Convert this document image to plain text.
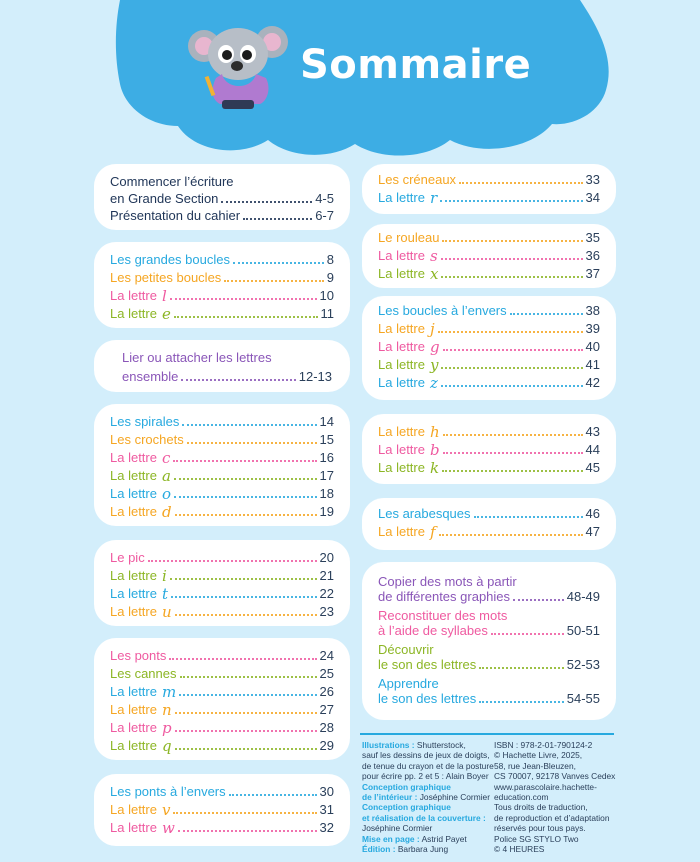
Sommaire
Commencer l’écriture
en Grande Section	4-5
Présentation du cahier	6-7
Les grandes boucles	8
Les petites boucles	9
La lettre l	10
La lettre e	11
Lier ou attacher les lettres
ensemble	12-13
Les spirales	14
Les crochets	15
La lettre c	16
La lettre a	17
La lettre o	18
La lettre d	19
Le pic	20
La lettre i	21
La lettre t	22
La lettre u	23
Les ponts	24
Les cannes	25
La lettre m	26
La lettre n	27
La lettre p	28
La lettre q	29
Les ponts à l’envers	30
La lettre v	31
La lettre w	32
Les créneaux	33
La lettre r	34
Le rouleau	35
La lettre s	36
La lettre x	37
Les boucles à l’envers	38
La lettre j	39
La lettre g	40
La lettre y	41
La lettre z	42
La lettre h	43
La lettre b	44
La lettre k	45
Les arabesques	46
La lettre f	47
Copier des mots à partir
de différentes graphies	48-49
Reconstituer des mots
à l’aide de syllabes	50-51
Découvrir
le son des lettres	52-53
Apprendre
le son des lettres	54-55
Illustrations : Shutterstock,
sauf les dessins de jeux de doigts,
de tenue du crayon et de la posture
pour écrire pp. 2 et 5 : Alain Boyer
Conception graphique
de l’intérieur : Joséphine Cormier
Conception graphique
et réalisation de la couverture :
Joséphine Cormier
Mise en page : Astrid Payet
Édition : Barbara Jung
ISBN : 978-2-01-790124-2
© Hachette Livre, 2025,
58, rue Jean-Bleuzen,
CS 70007, 92178 Vanves Cedex
www.parascolaire.hachette-
education.com
Tous droits de traduction,
de reproduction et d’adaptation
réservés pour tous pays.
Police SG STYLO Two
© 4 HEURES
